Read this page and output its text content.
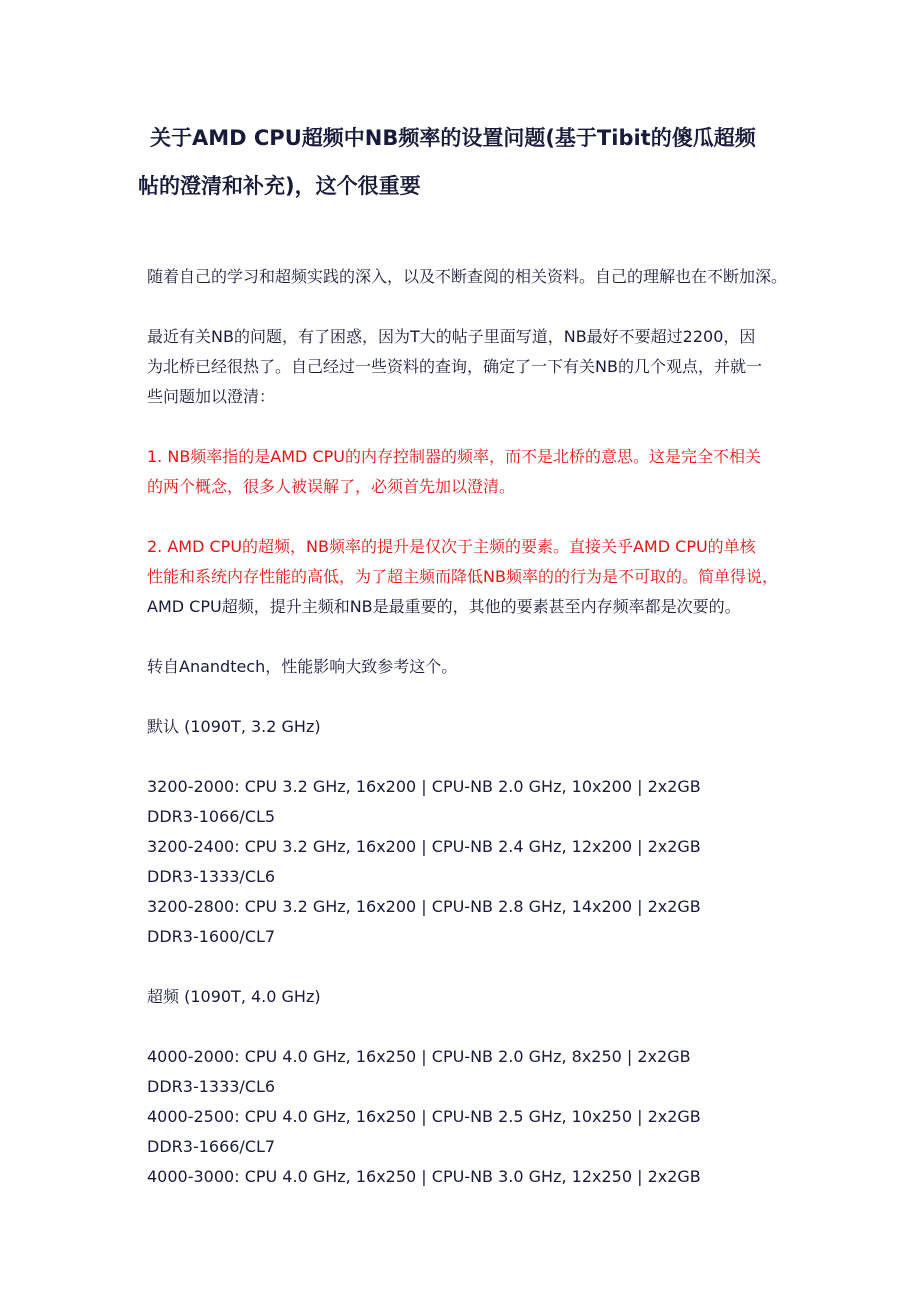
关于AMD CPU超频中NB频率的设置问题(基于Tibit的傻瓜超频
帖的澄清和补充)，这个很重要

随着自己的学习和超频实践的深入，以及不断查阅的相关资料。自己的理解也在不断加深。

最近有关NB的问题，有了困惑，因为T大的帖子里面写道，NB最好不要超过2200，因
为北桥已经很热了。自己经过一些资料的查询，确定了一下有关NB的几个观点，并就一
些问题加以澄清：

1. NB频率指的是AMD CPU的内存控制器的频率，而不是北桥的意思。这是完全不相关
的两个概念，很多人被误解了，必须首先加以澄清。

2. AMD CPU的超频，NB频率的提升是仅次于主频的要素。直接关乎AMD CPU的单核
性能和系统内存性能的高低，为了超主频而降低NB频率的的行为是不可取的。简单得说，
AMD CPU超频，提升主频和NB是最重要的，其他的要素甚至内存频率都是次要的。

转自Anandtech，性能影响大致参考这个。

默认 (1090T, 3.2 GHz)

3200-2000: CPU 3.2 GHz, 16x200 | CPU-NB 2.0 GHz, 10x200 | 2x2GB
DDR3-1066/CL5
3200-2400: CPU 3.2 GHz, 16x200 | CPU-NB 2.4 GHz, 12x200 | 2x2GB
DDR3-1333/CL6
3200-2800: CPU 3.2 GHz, 16x200 | CPU-NB 2.8 GHz, 14x200 | 2x2GB
DDR3-1600/CL7

超频 (1090T, 4.0 GHz)

4000-2000: CPU 4.0 GHz, 16x250 | CPU-NB 2.0 GHz, 8x250 | 2x2GB
DDR3-1333/CL6
4000-2500: CPU 4.0 GHz, 16x250 | CPU-NB 2.5 GHz, 10x250 | 2x2GB
DDR3-1666/CL7
4000-3000: CPU 4.0 GHz, 16x250 | CPU-NB 3.0 GHz, 12x250 | 2x2GB
